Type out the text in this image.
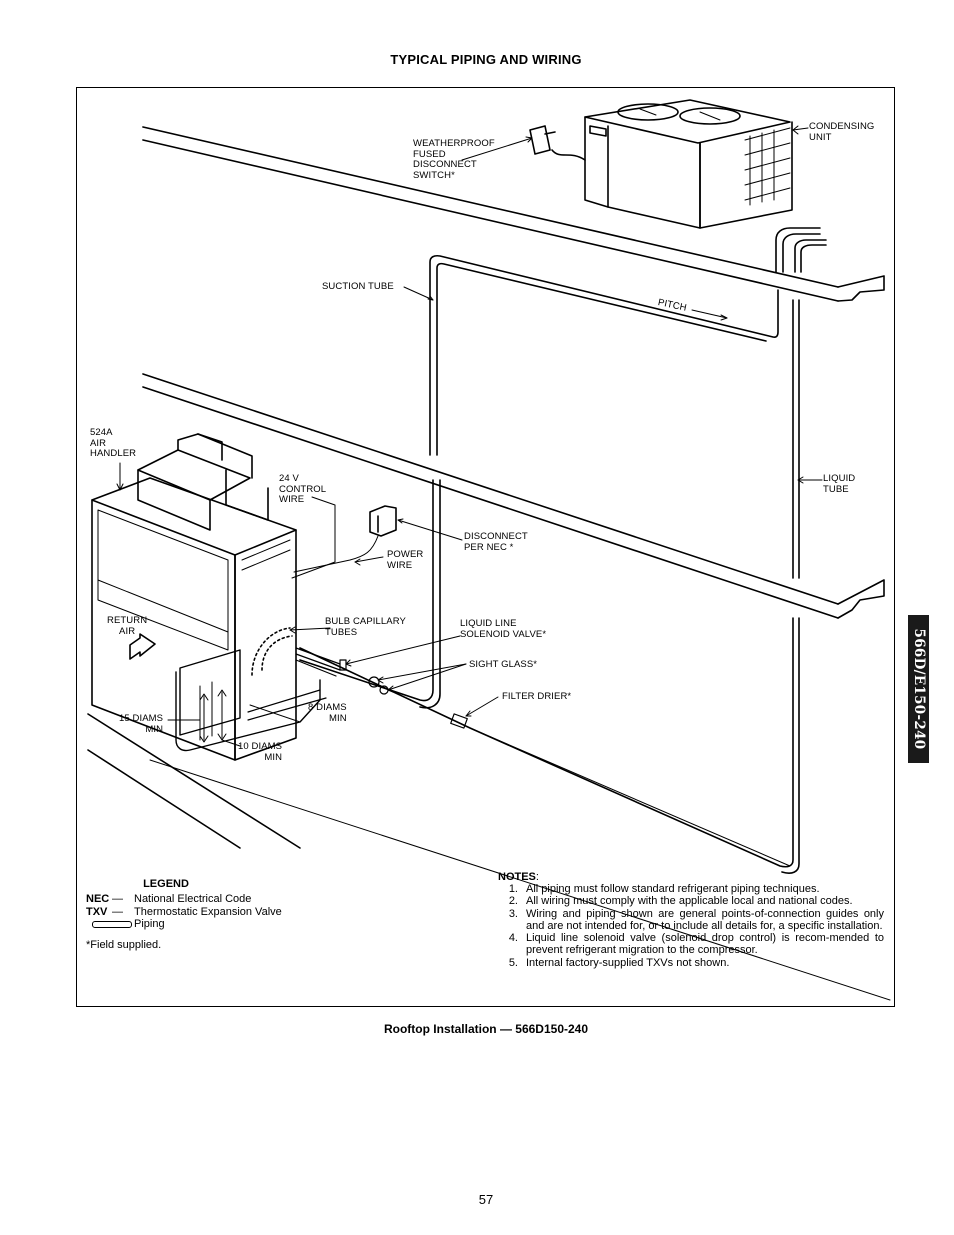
TYPICAL PIPING AND WIRING
CONDENSING
UNIT
WEATHERPROOF
FUSED
DISCONNECT
SWITCH*
SUCTION TUBE
PITCH
524A
AIR
HANDLER
24 V
CONTROL
WIRE
LIQUID
TUBE
DISCONNECT
PER NEC *
POWER
WIRE
RETURN
AIR
BULB CAPILLARY
TUBES
LIQUID LINE
SOLENOID VALVE*
SIGHT GLASS*
FILTER DRIER*
15 DIAMS
MIN
8 DIAMS
MIN
10 DIAMS
MIN
LEGEND
NEC —	National Electrical Code
TXV —	Thermostatic Expansion Valve
Piping
*Field supplied.
NOTES:
1. All piping must follow standard refrigerant piping techniques.
2. All wiring must comply with the applicable local and national codes.
3. Wiring and piping shown are general points-of-connection guides only and are not intended for, or to include all details for, a specific installation.
4. Liquid line solenoid valve (solenoid drop control) is recom-mended to prevent refrigerant migration to the compressor.
5. Internal factory-supplied TXVs not shown.
Rooftop Installation — 566D150-240
566D/E150-240
57
